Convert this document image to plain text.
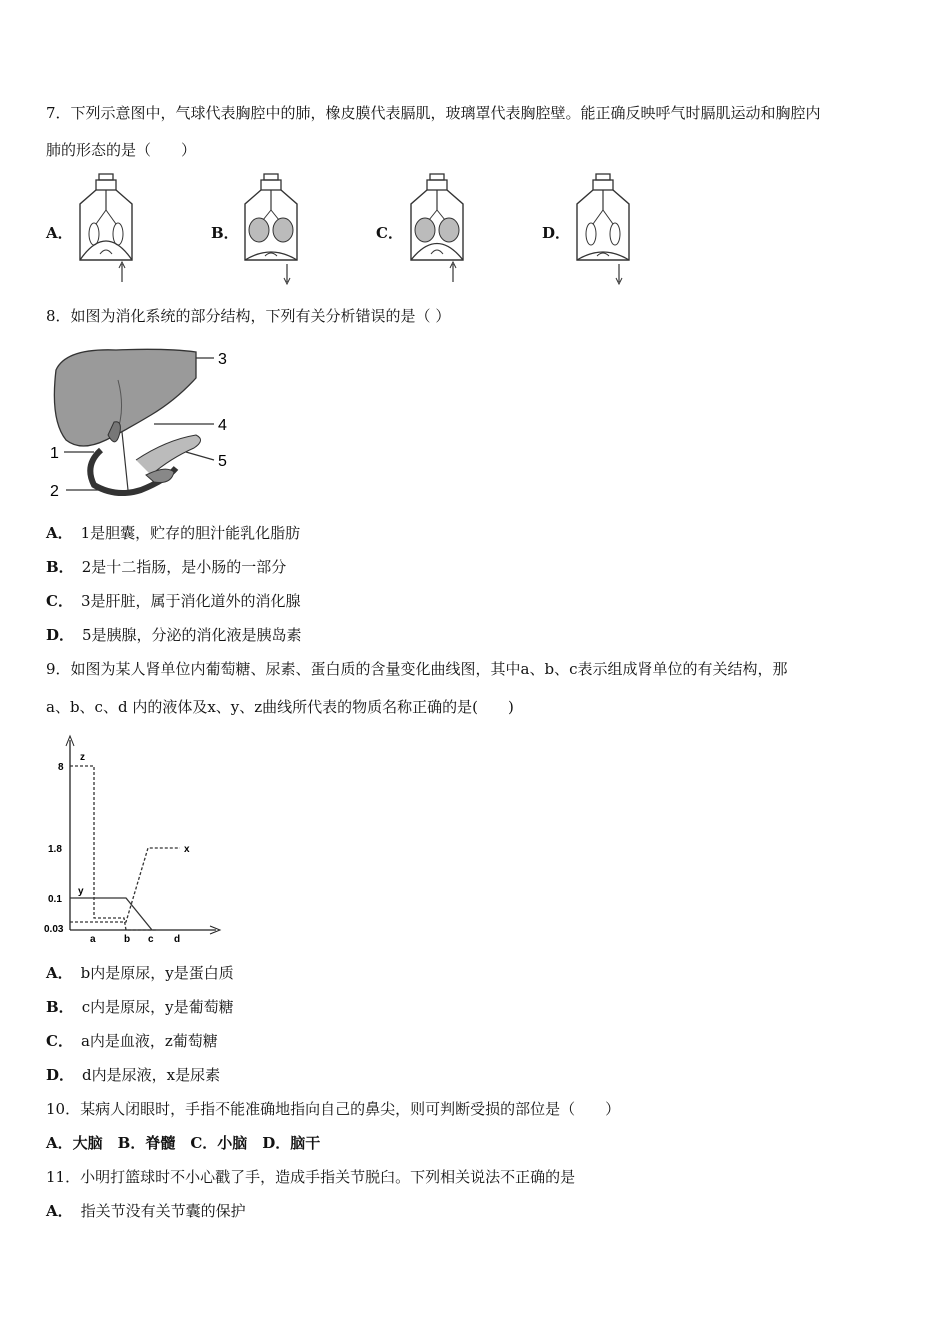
7．下列示意图中，气球代表胸腔中的肺，橡皮膜代表膈肌，玻璃罩代表胸腔壁。能正确反映呼气时膈肌运动和胸腔内
肺的形态的是（　　）
A．	B．	C．	D．
8．如图为消化系统的部分结构，下列有关分析错误的是（ ）
3
4
5
1
2
A． 1是胆囊，贮存的胆汁能乳化脂肪
B． 2是十二指肠，是小肠的一部分
C． 3是肝脏，属于消化道外的消化腺
D． 5是胰腺，分泌的消化液是胰岛素
9．如图为某人肾单位内葡萄糖、尿素、蛋白质的含量变化曲线图，其中a、b、c表示组成肾单位的有关结构，那
a、b、c、d 内的液体及x、y、z曲线所代表的物质名称正确的是(　　)
8
1.8
0.1
0.03
a	b c d
z
x
y
A． b内是原尿，y是蛋白质
B． c内是原尿，y是葡萄糖
C． a内是血液，z葡萄糖
D． d内是尿液，x是尿素
10．某病人闭眼时，手指不能准确地指向自己的鼻尖，则可判断受损的部位是（　　）
A．大脑　B．脊髓　C．小脑　D．脑干
11．小明打篮球时不小心戳了手，造成手指关节脱臼。下列相关说法不正确的是
A． 指关节没有关节囊的保护
